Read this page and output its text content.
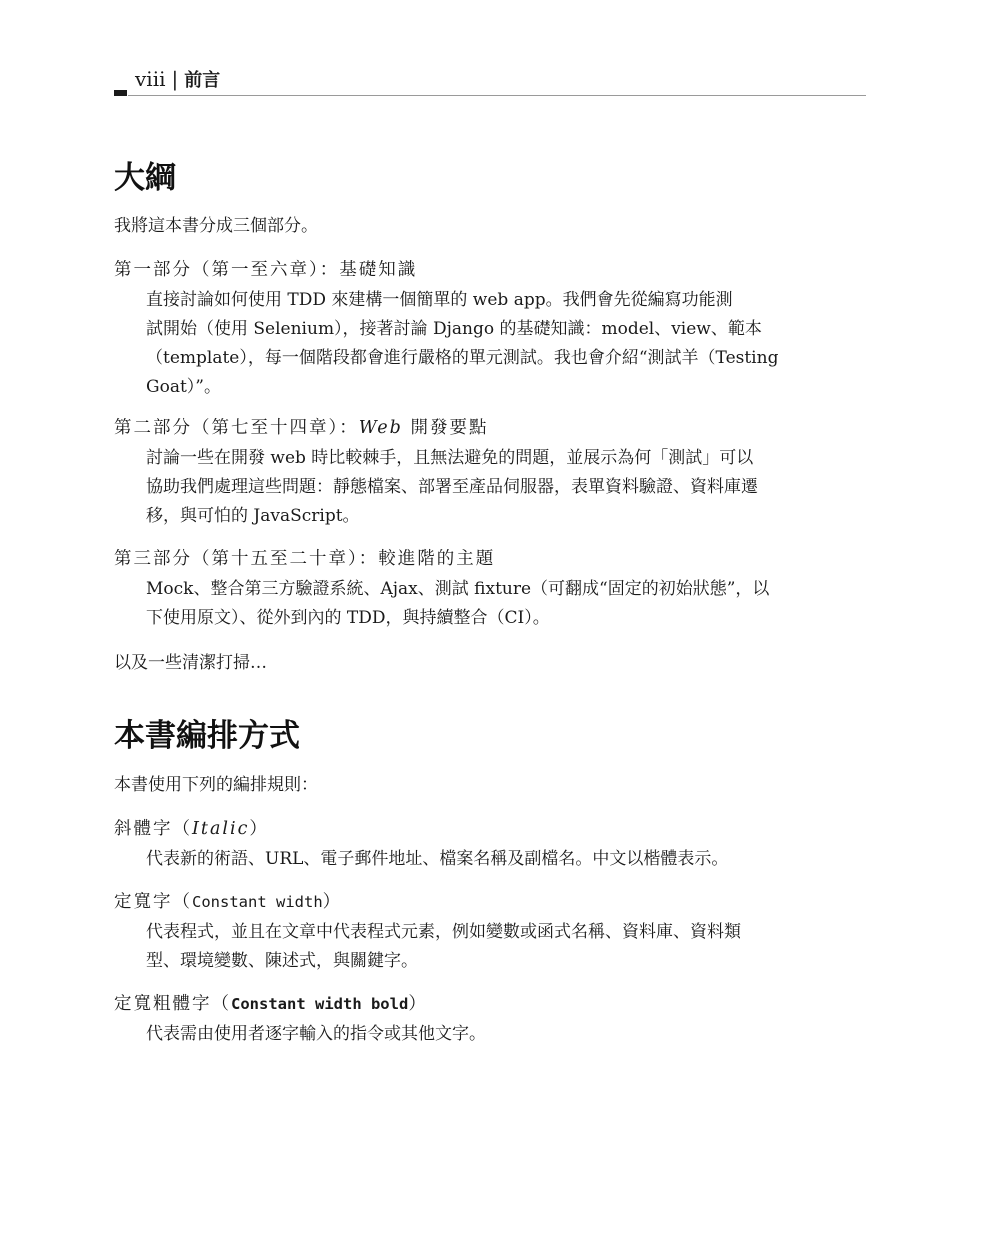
viii | 前言
大綱

我將這本書分成三個部分。

第一部分（第一至六章）：基礎知識

直接討論如何使用 TDD 來建構一個簡單的 web app。我們會先從編寫功能測
試開始（使用 Selenium），接著討論 Django 的基礎知識：model、view、範本
（template），每一個階段都會進行嚴格的單元測試。我也會介紹“測試羊（Testing
Goat）”。

第二部分（第七至十四章）：Web 開發要點

討論一些在開發 web 時比較棘手，且無法避免的問題，並展示為何「測試」可以
協助我們處理這些問題：靜態檔案、部署至產品伺服器，表單資料驗證、資料庫遷
移，與可怕的 JavaScript。

第三部分（第十五至二十章）：較進階的主題

Mock、整合第三方驗證系統、Ajax、測試 fixture（可翻成“固定的初始狀態”，以
下使用原文）、從外到內的 TDD，與持續整合（CI）。

以及一些清潔打掃…

本書編排方式

本書使用下列的編排規則：

斜體字（Italic）

代表新的術語、URL、電子郵件地址、檔案名稱及副檔名。中文以楷體表示。

定寬字（Constant width）

代表程式，並且在文章中代表程式元素，例如變數或函式名稱、資料庫、資料類
型、環境變數、陳述式，與關鍵字。

定寬粗體字（Constant width bold）

代表需由使用者逐字輸入的指令或其他文字。
